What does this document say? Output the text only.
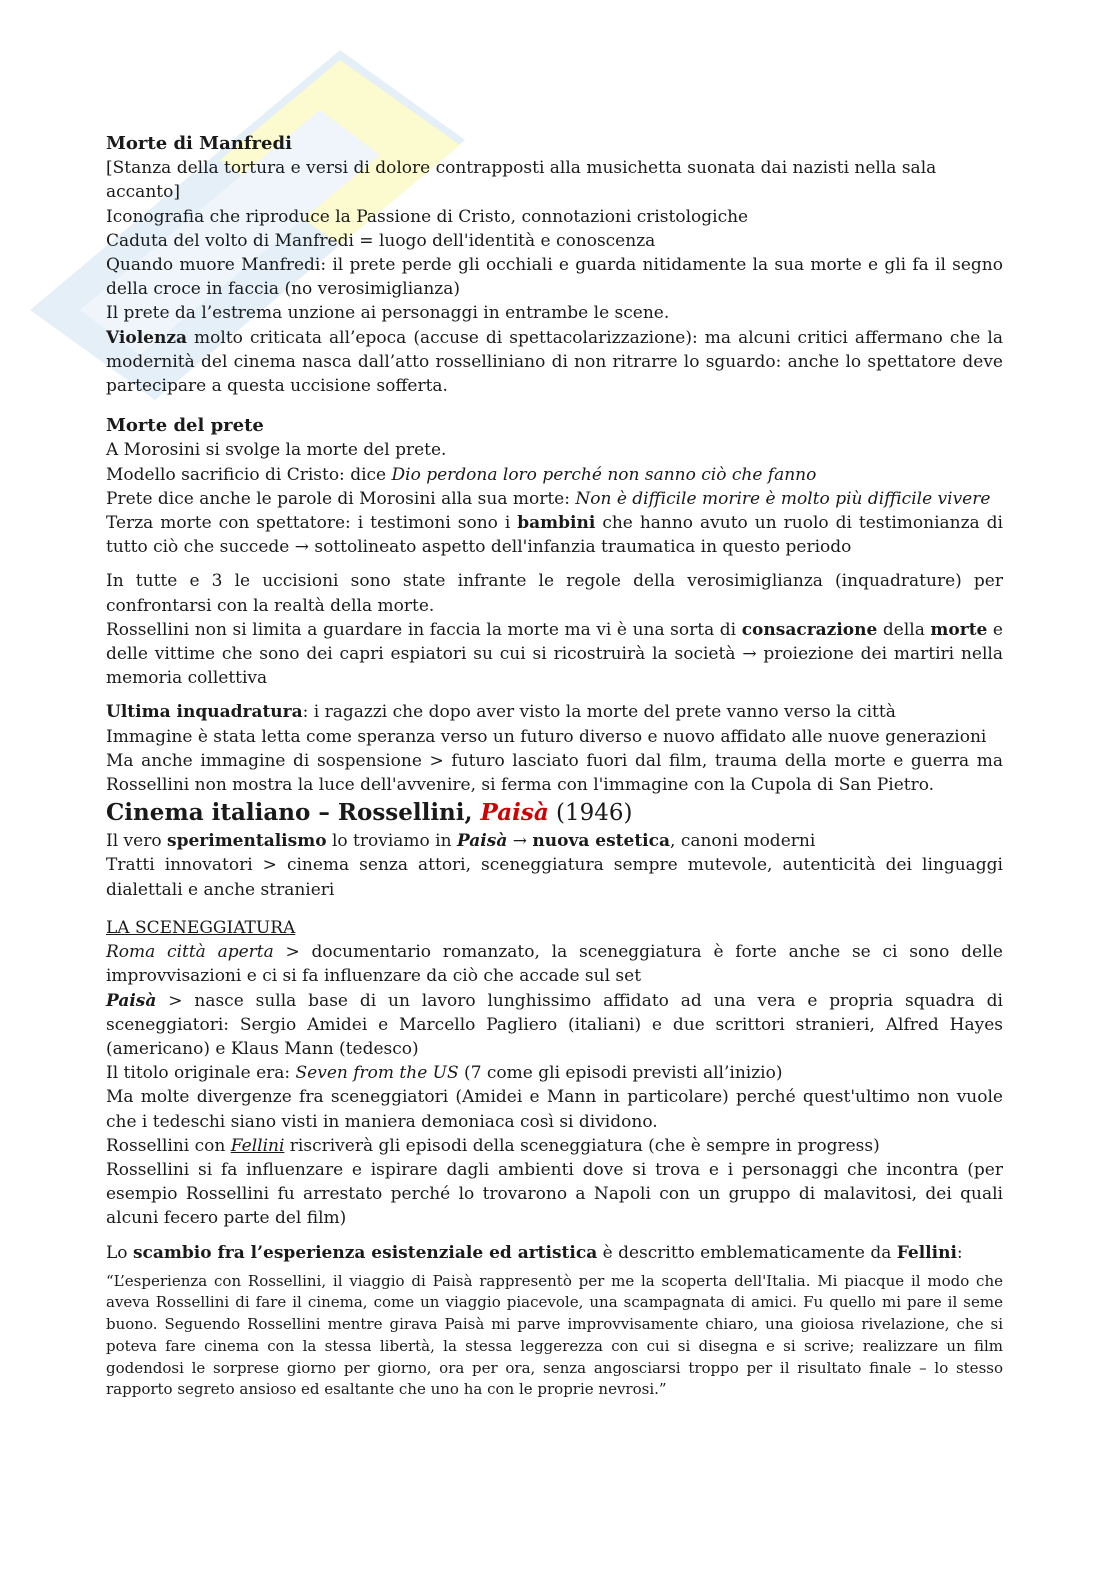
Morte di Manfredi

[Stanza della tortura e versi di dolore contrapposti alla musichetta suonata dai nazisti nella sala accanto]

Iconografia che riproduce la Passione di Cristo, connotazioni cristologiche

Caduta del volto di Manfredi = luogo dell'identità e conoscenza

Quando muore Manfredi: il prete perde gli occhiali e guarda nitidamente la sua morte e gli fa il segno della croce in faccia (no verosimiglianza)

Il prete da l’estrema unzione ai personaggi in entrambe le scene.

Violenza molto criticata all’epoca (accuse di spettacolarizzazione): ma alcuni critici affermano che la modernità del cinema nasca dall’atto rosselliniano di non ritrarre lo sguardo: anche lo spettatore deve partecipare a questa uccisione sofferta.

Morte del prete

A Morosini si svolge la morte del prete.

Modello sacrificio di Cristo: dice Dio perdona loro perché non sanno ciò che fanno

Prete dice anche le parole di Morosini alla sua morte: Non è difficile morire è molto più difficile vivere

Terza morte con spettatore: i testimoni sono i bambini che hanno avuto un ruolo di testimonianza di tutto ciò che succede → sottolineato aspetto dell'infanzia traumatica in questo periodo

In tutte e 3 le uccisioni sono state infrante le regole della verosimiglianza (inquadrature) per confrontarsi con la realtà della morte.

Rossellini non si limita a guardare in faccia la morte ma vi è una sorta di consacrazione della morte e delle vittime che sono dei capri espiatori su cui si ricostruirà la società → proiezione dei martiri nella memoria collettiva

Ultima inquadratura: i ragazzi che dopo aver visto la morte del prete vanno verso la città

Immagine è stata letta come speranza verso un futuro diverso e nuovo affidato alle nuove generazioni

Ma anche immagine di sospensione > futuro lasciato fuori dal film, trauma della morte e guerra ma Rossellini non mostra la luce dell'avvenire, si ferma con l'immagine con la Cupola di San Pietro.

Cinema italiano – Rossellini, Paisà (1946)

Il vero sperimentalismo lo troviamo in Paisà → nuova estetica, canoni moderni

Tratti innovatori > cinema senza attori, sceneggiatura sempre mutevole, autenticità dei linguaggi dialettali e anche stranieri

LA SCENEGGIATURA

Roma città aperta > documentario romanzato, la sceneggiatura è forte anche se ci sono delle improvvisazioni e ci si fa influenzare da ciò che accade sul set

Paisà > nasce sulla base di un lavoro lunghissimo affidato ad una vera e propria squadra di sceneggiatori: Sergio Amidei e Marcello Pagliero (italiani) e due scrittori stranieri, Alfred Hayes (americano) e Klaus Mann (tedesco)

Il titolo originale era: Seven from the US (7 come gli episodi previsti all’inizio)

Ma molte divergenze fra sceneggiatori (Amidei e Mann in particolare) perché quest'ultimo non vuole che i tedeschi siano visti in maniera demoniaca così si dividono.

Rossellini con Fellini riscriverà gli episodi della sceneggiatura (che è sempre in progress)

Rossellini si fa influenzare e ispirare dagli ambienti dove si trova e i personaggi che incontra (per esempio Rossellini fu arrestato perché lo trovarono a Napoli con un gruppo di malavitosi, dei quali alcuni fecero parte del film)

Lo scambio fra l’esperienza esistenziale ed artistica è descritto emblematicamente da Fellini:

“L’esperienza con Rossellini, il viaggio di Paisà rappresentò per me la scoperta dell'Italia. Mi piacque il modo che aveva Rossellini di fare il cinema, come un viaggio piacevole, una scampagnata di amici. Fu quello mi pare il seme buono. Seguendo Rossellini mentre girava Paisà mi parve improvvisamente chiaro, una gioiosa rivelazione, che si poteva fare cinema con la stessa libertà, la stessa leggerezza con cui si disegna e si scrive; realizzare un film godendosi le sorprese giorno per giorno, ora per ora, senza angosciarsi troppo per il risultato finale – lo stesso rapporto segreto ansioso ed esaltante che uno ha con le proprie nevrosi.”
